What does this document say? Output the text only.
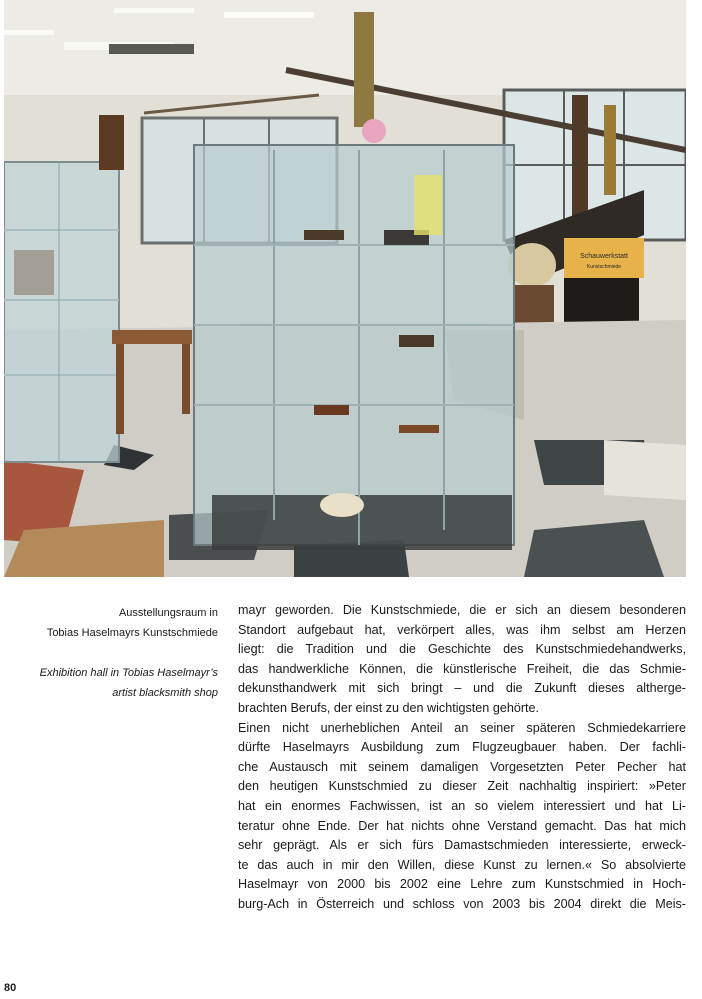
Schauwerkstatt
Kunstschmiede
Ausstellungsraum in
Tobias Haselmayrs Kunstschmiede
Exhibition hall in Tobias Haselmayr’s
artist blacksmith shop
mayr geworden. Die Kunstschmiede, die er sich an diesem besonderen
Standort aufgebaut hat, verkörpert alles, was ihm selbst am Herzen
liegt: die Tradition und die Geschichte des Kunstschmiedehandwerks,
das handwerkliche Können, die künstlerische Freiheit, die das Schmie-
dekunsthandwerk mit sich bringt – und die Zukunft dieses altherge-
brachten Berufs, der einst zu den wichtigsten gehörte.
Einen nicht unerheblichen Anteil an seiner späteren Schmiedekarriere
dürfte Haselmayrs Ausbildung zum Flugzeugbauer haben. Der fachli-
che Austausch mit seinem damaligen Vorgesetzten Peter Pecher hat
den heutigen Kunstschmied zu dieser Zeit nachhaltig inspiriert: »Peter
hat ein enormes Fachwissen, ist an so vielem interessiert und hat Li-
teratur ohne Ende. Der hat nichts ohne Verstand gemacht. Das hat mich
sehr geprägt. Als er sich fürs Damastschmieden interessierte, erweck-
te das auch in mir den Willen, diese Kunst zu lernen.« So absolvierte
Haselmayr von 2000 bis 2002 eine Lehre zum Kunstschmied in Hoch-
burg-Ach in Österreich und schloss von 2003 bis 2004 direkt die Meis-
80
